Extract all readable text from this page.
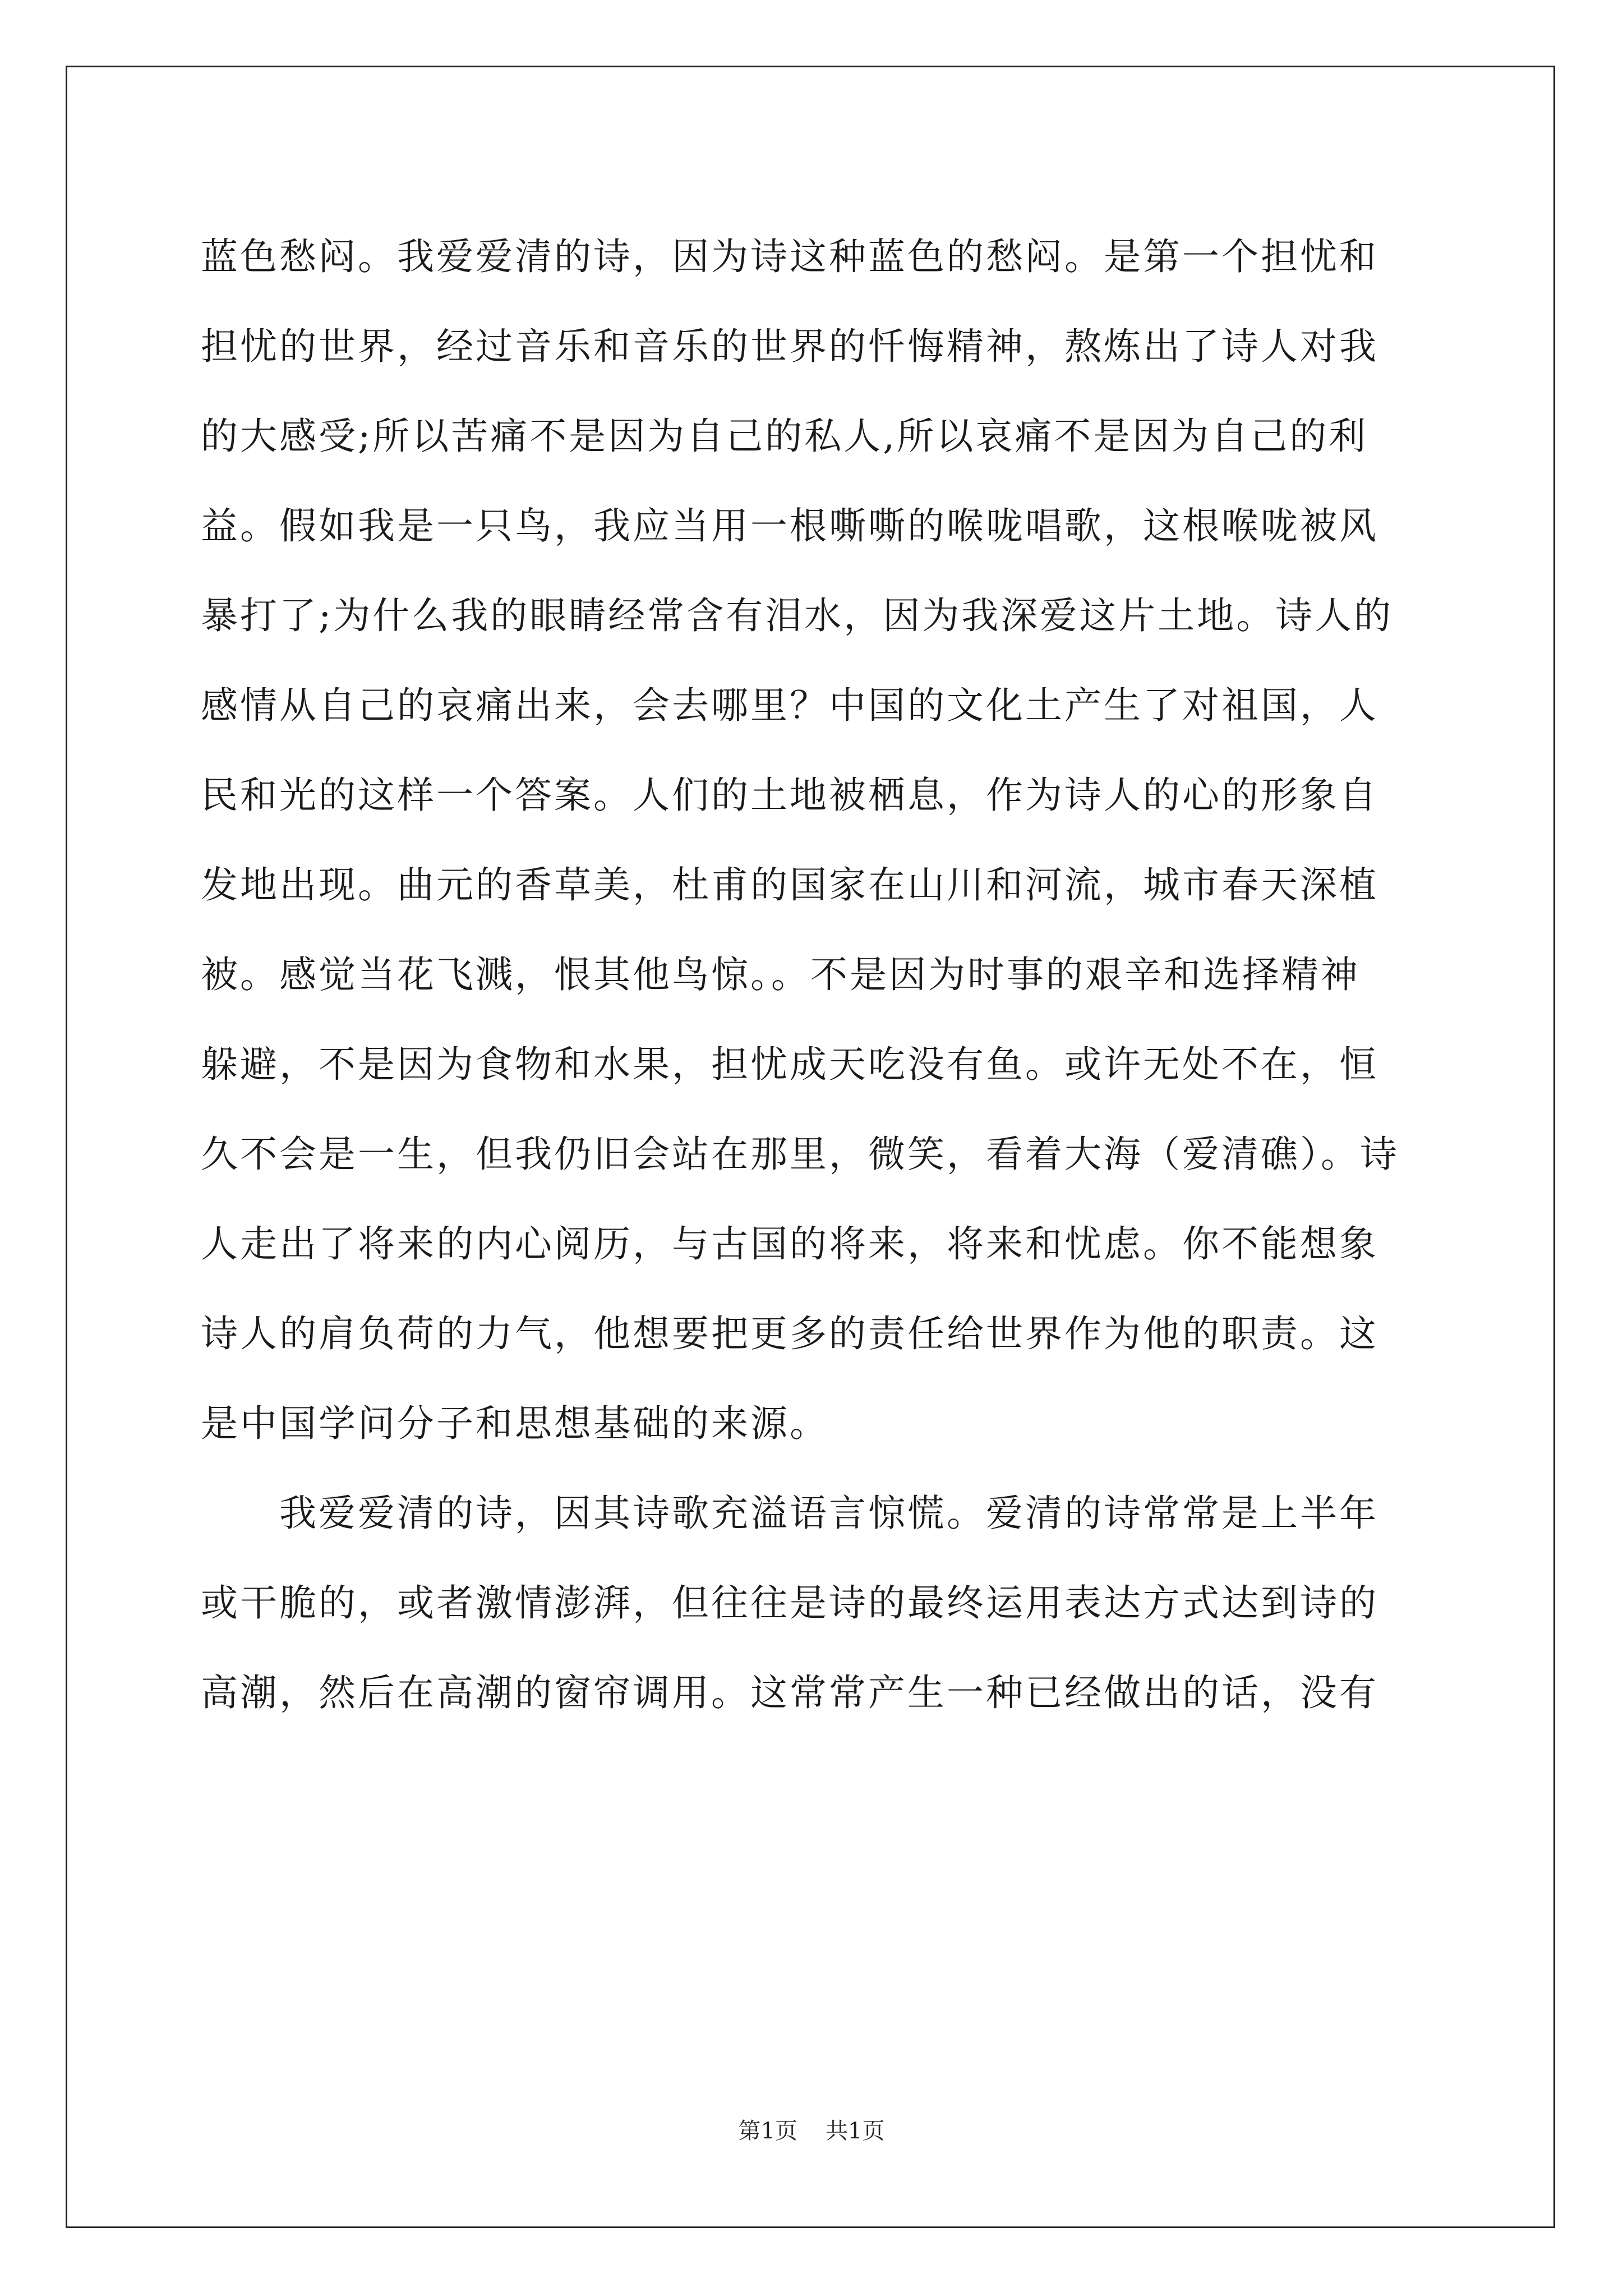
蓝色愁闷。我爱爱清的诗，因为诗这种蓝色的愁闷。是第一个担忧和
担忧的世界，经过音乐和音乐的世界的忏悔精神，熬炼出了诗人对我
的大感受;所以苦痛不是因为自己的私人,所以哀痛不是因为自己的利
益。假如我是一只鸟，我应当用一根嘶嘶的喉咙唱歌，这根喉咙被风
暴打了;为什么我的眼睛经常含有泪水，因为我深爱这片土地。诗人的
感情从自己的哀痛出来，会去哪里？中国的文化土产生了对祖国，人
民和光的这样一个答案。人们的土地被栖息，作为诗人的心的形象自
发地出现。曲元的香草美，杜甫的国家在山川和河流，城市春天深植
被。感觉当花飞溅，恨其他鸟惊。。不是因为时事的艰辛和选择精神
躲避，不是因为食物和水果，担忧成天吃没有鱼。或许无处不在，恒
久不会是一生，但我仍旧会站在那里，微笑，看着大海（爱清礁）。诗
人走出了将来的内心阅历，与古国的将来，将来和忧虑。你不能想象
诗人的肩负荷的力气，他想要把更多的责任给世界作为他的职责。这
是中国学问分子和思想基础的来源。
我爱爱清的诗，因其诗歌充溢语言惊慌。爱清的诗常常是上半年
或干脆的，或者激情澎湃，但往往是诗的最终运用表达方式达到诗的
高潮，然后在高潮的窗帘调用。这常常产生一种已经做出的话，没有
第1页 共1页
